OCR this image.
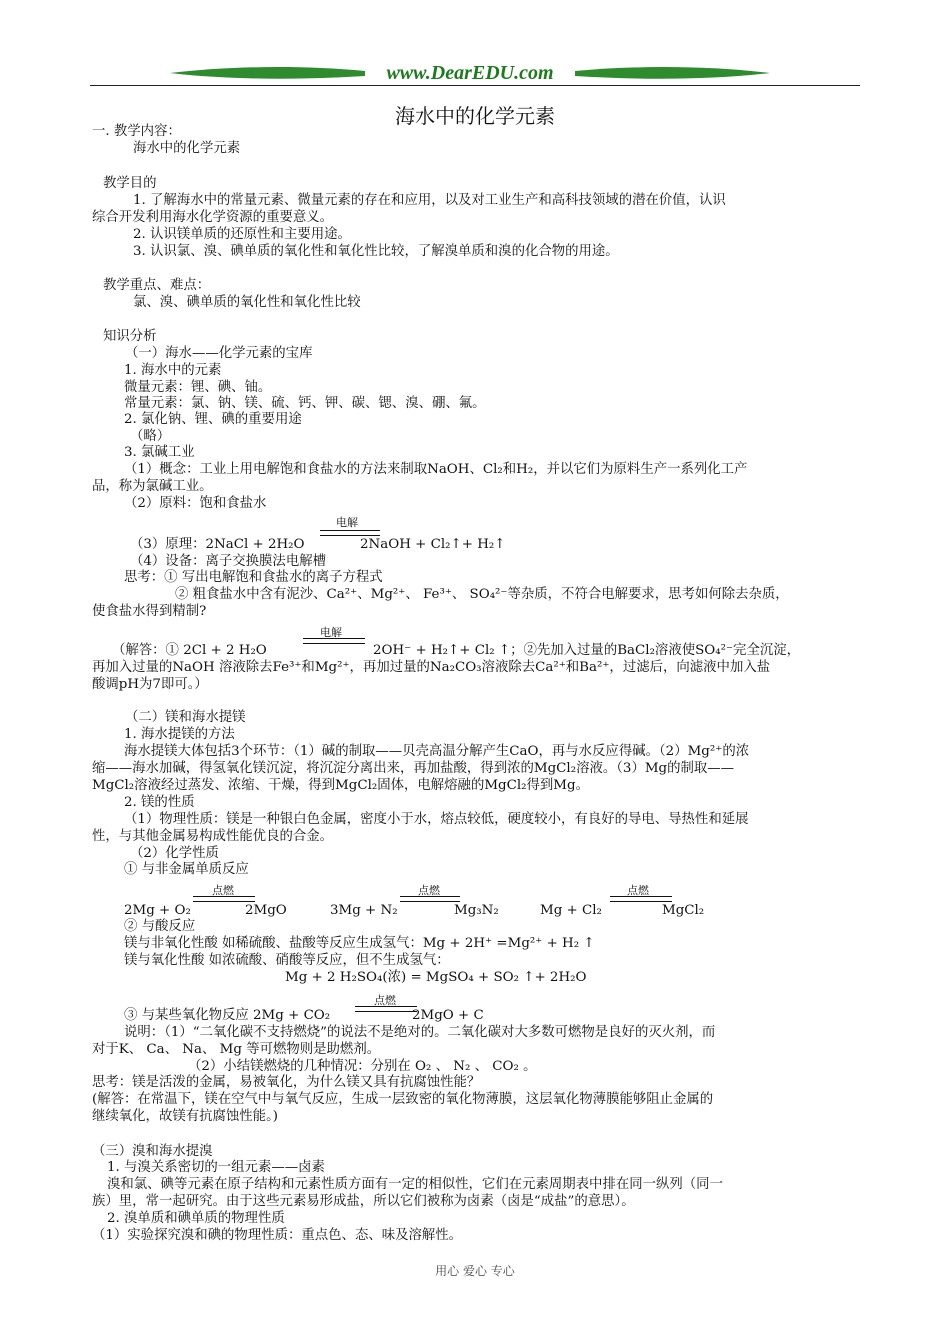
www.DearEDU.com
海水中的化学元素
一. 教学内容：
海水中的化学元素
教学目的
1. 了解海水中的常量元素、微量元素的存在和应用，以及对工业生产和高科技领域的潜在价值，认识
综合开发利用海水化学资源的重要意义。
2. 认识镁单质的还原性和主要用途。
3. 认识氯、溴、碘单质的氧化性和氧化性比较，了解溴单质和溴的化合物的用途。
教学重点、难点：
氯、溴、碘单质的氧化性和氧化性比较
知识分析
（一）海水——化学元素的宝库
1. 海水中的元素
微量元素：锂、碘、铀。
常量元素：氯、钠、镁、硫、钙、钾、碳、锶、溴、硼、氟。
2. 氯化钠、锂、碘的重要用途
（略）
3. 氯碱工业
（1）概念：工业上用电解饱和食盐水的方法来制取NaOH、Cl₂和H₂，并以它们为原料生产一系列化工产
品，称为氯碱工业。
（2）原料：饱和食盐水
电解
（3）原理：2NaCl + 2H₂O	2NaOH + Cl₂↑+ H₂↑
（4）设备：离子交换膜法电解槽
思考：① 写出电解饱和食盐水的离子方程式
② 粗食盐水中含有泥沙、Ca²⁺、Mg²⁺、 Fe³⁺、 SO₄²⁻等杂质，不符合电解要求，思考如何除去杂质，
使食盐水得到精制?
电解
（解答：① 2Cl + 2 H₂O	2OH⁻ + H₂↑+ Cl₂ ↑；②先加入过量的BaCl₂溶液使SO₄²⁻完全沉淀，
再加入过量的NaOH 溶液除去Fe³⁺和Mg²⁺，再加过量的Na₂CO₃溶液除去Ca²⁺和Ba²⁺，过滤后，向滤液中加入盐
酸调pH为7即可。）
（二）镁和海水提镁
1. 海水提镁的方法
海水提镁大体包括3个环节：（1）碱的制取——贝壳高温分解产生CaO，再与水反应得碱。（2）Mg²⁺的浓
缩——海水加碱，得氢氧化镁沉淀，将沉淀分离出来，再加盐酸，得到浓的MgCl₂溶液。（3）Mg的制取——
MgCl₂溶液经过蒸发、浓缩、干燥，得到MgCl₂固体，电解熔融的MgCl₂得到Mg。
2. 镁的性质
（1）物理性质：镁是一种银白色金属，密度小于水，熔点较低，硬度较小，有良好的导电、导热性和延展
性，与其他金属易构成性能优良的合金。
（2）化学性质
① 与非金属单质反应
点燃	点燃	点燃
2Mg + O₂	2MgO	3Mg + N₂	Mg₃N₂	Mg + Cl₂	MgCl₂
② 与酸反应
镁与非氧化性酸 如稀硫酸、盐酸等反应生成氢气：Mg + 2H⁺ =Mg²⁺ + H₂ ↑
镁与氧化性酸 如浓硫酸、硝酸等反应，但不生成氢气：
Mg + 2 H₂SO₄(浓) = MgSO₄ + SO₂ ↑+ 2H₂O
点燃
③ 与某些氧化物反应 2Mg + CO₂	2MgO + C
说明：（1）“二氧化碳不支持燃烧”的说法不是绝对的。二氧化碳对大多数可燃物是良好的灭火剂，而
对于K、 Ca、 Na、 Mg 等可燃物则是助燃剂。
（2）小结镁燃烧的几种情况：分别在 O₂ 、 N₂ 、 CO₂ 。
思考：镁是活泼的金属，易被氧化，为什么镁又具有抗腐蚀性能？
(解答：在常温下，镁在空气中与氧气反应，生成一层致密的氧化物薄膜，这层氧化物薄膜能够阻止金属的
继续氧化，故镁有抗腐蚀性能。)
（三）溴和海水提溴
1. 与溴关系密切的一组元素——卤素
溴和氯、碘等元素在原子结构和元素性质方面有一定的相似性，它们在元素周期表中排在同一纵列（同一
族）里，常一起研究。由于这些元素易形成盐，所以它们被称为卤素（卤是“成盐”的意思）。
2. 溴单质和碘单质的物理性质
（1）实验探究溴和碘的物理性质：重点色、态、味及溶解性。
用心 爱心 专心
